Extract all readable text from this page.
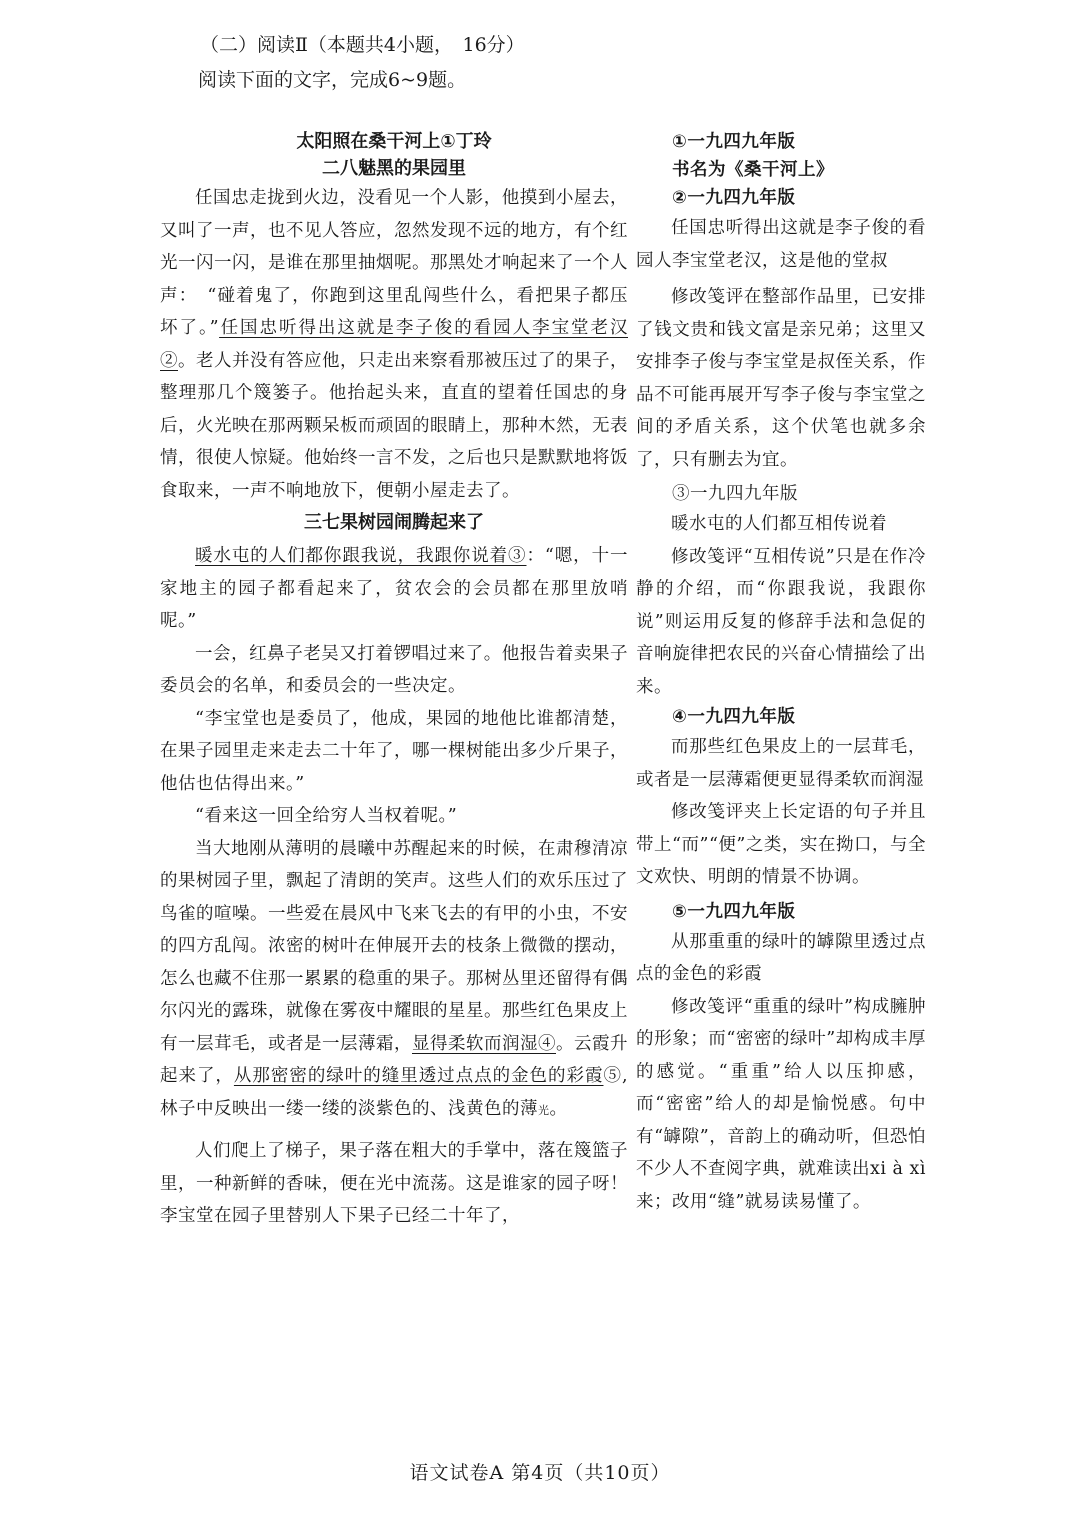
（二）阅读Ⅱ（本题共4小题，　16分）

阅读下面的文字，完成6~9题。

太阳照在桑干河上①丁玲

二八魅黑的果园里

任国忠走拢到火边，没看见一个人影，他摸到小屋去，又叫了一声，也不见人答应，忽然发现不远的地方，有个红光一闪一闪，是谁在那里抽烟呢。那黑处才响起来了一个人声：　“碰着鬼了，你跑到这里乱闯些什么，看把果子都压坏了。”任国忠听得出这就是李子俊的看园人李宝堂老汉②。老人并没有答应他，只走出来察看那被压过了的果子，整理那几个篾篓子。他抬起头来，直直的望着任国忠的身后，火光映在那两颗呆板而顽固的眼睛上，那种木然，无表情，很使人惊疑。他始终一言不发，之后也只是默默地将饭食取来，一声不响地放下，便朝小屋走去了。

三七果树园闹腾起来了

暖水屯的人们都你跟我说，我跟你说着③：“嗯，十一家地主的园子都看起来了，贫农会的会员都在那里放哨呢。”

一会，红鼻子老吴又打着锣唱过来了。他报告着卖果子委员会的名单，和委员会的一些决定。

“李宝堂也是委员了，他成，果园的地他比谁都清楚，在果子园里走来走去二十年了，哪一棵树能出多少斤果子，他估也估得出来。”

“看来这一回全给穷人当权着呢。”

当大地刚从薄明的晨曦中苏醒起来的时候，在肃穆清凉的果树园子里，飘起了清朗的笑声。这些人们的欢乐压过了鸟雀的喧噪。一些爱在晨风中飞来飞去的有甲的小虫，不安的四方乱闯。浓密的树叶在伸展开去的枝条上微微的摆动，怎么也藏不住那一累累的稳重的果子。那树丛里还留得有偶尔闪光的露珠，就像在雾夜中耀眼的星星。那些红色果皮上有一层茸毛，或者是一层薄霜，显得柔软而润湿④。云霞升起来了，从那密密的绿叶的缝里透过点点的金色的彩霞⑤,林子中反映出一缕一缕的淡紫色的、浅黄色的薄光。

人们爬上了梯子，果子落在粗大的手掌中，落在篾篮子里，一种新鲜的香味，便在光中流荡。这是谁家的园子呀！李宝堂在园子里替别人下果子已经二十年了，

①一九四九年版

书名为《桑干河上》

②一九四九年版

任国忠听得出这就是李子俊的看园人李宝堂老汉，这是他的堂叔

修改笺评在整部作品里，已安排了钱文贵和钱文富是亲兄弟；这里又安排李子俊与李宝堂是叔侄关系，作品不可能再展开写李子俊与李宝堂之间的矛盾关系，这个伏笔也就多余了，只有删去为宜。

③一九四九年版

暖水屯的人们都互相传说着

修改笺评“互相传说”只是在作冷静的介绍，而“你跟我说，我跟你说”则运用反复的修辞手法和急促的音响旋律把农民的兴奋心情描绘了出来。

④一九四九年版

而那些红色果皮上的一层茸毛，或者是一层薄霜便更显得柔软而润湿

修改笺评夹上长定语的句子并且带上“而”“便”之类，实在拗口，与全文欢快、明朗的情景不协调。

⑤一九四九年版

从那重重的绿叶的罅隙里透过点点的金色的彩霞

修改笺评“重重的绿叶”构成臃肿的形象；而“密密的绿叶”却构成丰厚的感觉。“重重”给人以压抑感，而“密密”给人的却是愉悦感。句中有“罅隙”，音韵上的确动听，但恐怕不少人不查阅字典，就难读出xi à xì来；改用“缝”就易读易懂了。

语文试卷A 第4页（共10页）
